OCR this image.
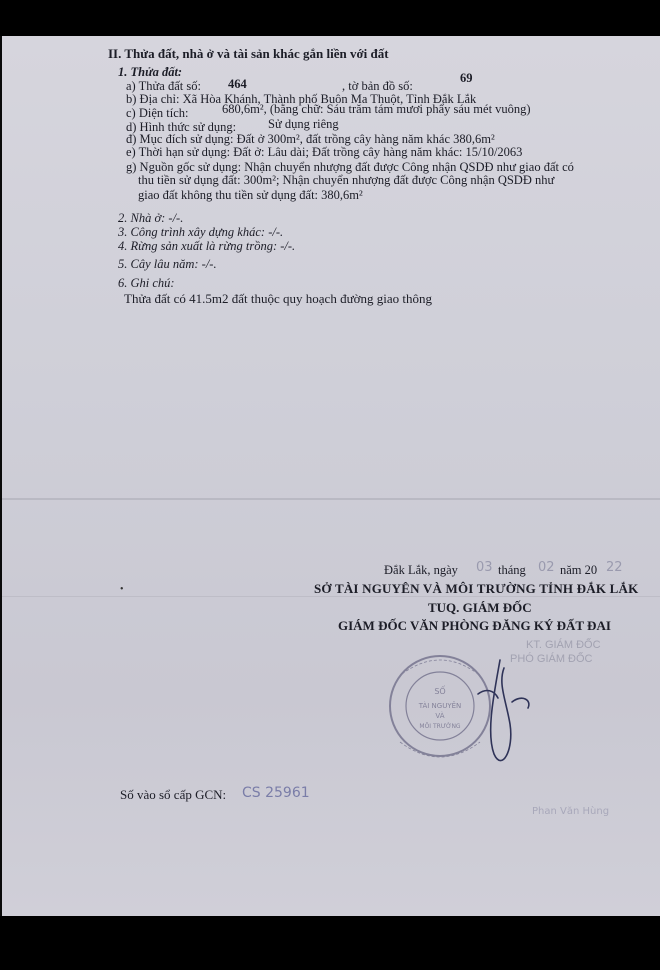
II. Thửa đất, nhà ở và tài sản khác gắn liền với đất
1. Thửa đất:
a) Thửa đất số: 464	, tờ bản đồ số:
69
b) Địa chỉ: Xã Hòa Khánh, Thành phố Buôn Ma Thuột, Tỉnh Đắk Lắk
c) Diện tích:	680,6m², (bằng chữ: Sáu trăm tám mươi phẩy sáu mét vuông)
d) Hình thức sử dụng:	Sử dụng riêng
đ) Mục đích sử dụng: Đất ở 300m², đất trồng cây hàng năm khác 380,6m²
e) Thời hạn sử dụng: Đất ở: Lâu dài; Đất trồng cây hàng năm khác: 15/10/2063
g) Nguồn gốc sử dụng: Nhận chuyển nhượng đất được Công nhận QSDĐ như giao đất có
thu tiền sử dụng đất: 300m²; Nhận chuyển nhượng đất được Công nhận QSDĐ như
giao đất không thu tiền sử dụng đất: 380,6m²
2. Nhà ở: -/-.
3. Công trình xây dựng khác: -/-.
4. Rừng sản xuất là rừng trồng: -/-.
5. Cây lâu năm: -/-.
6. Ghi chú:
Thửa đất có 41.5m2 đất thuộc quy hoạch đường giao thông
•
Đắk Lắk, ngày 03 tháng 02 năm 20 22
SỞ TÀI NGUYÊN VÀ MÔI TRƯỜNG TỈNH ĐẮK LẮK
TUQ. GIÁM ĐỐC
GIÁM ĐỐC VĂN PHÒNG ĐĂNG KÝ ĐẤT ĐAI
KT. GIÁM ĐỐC
PHÓ GIÁM ĐỐC
SỐ
TÀI NGUYÊN
VÀ
MÔI TRƯỜNG
Phan Văn Hùng
Số vào sổ cấp GCN: CS 25961
